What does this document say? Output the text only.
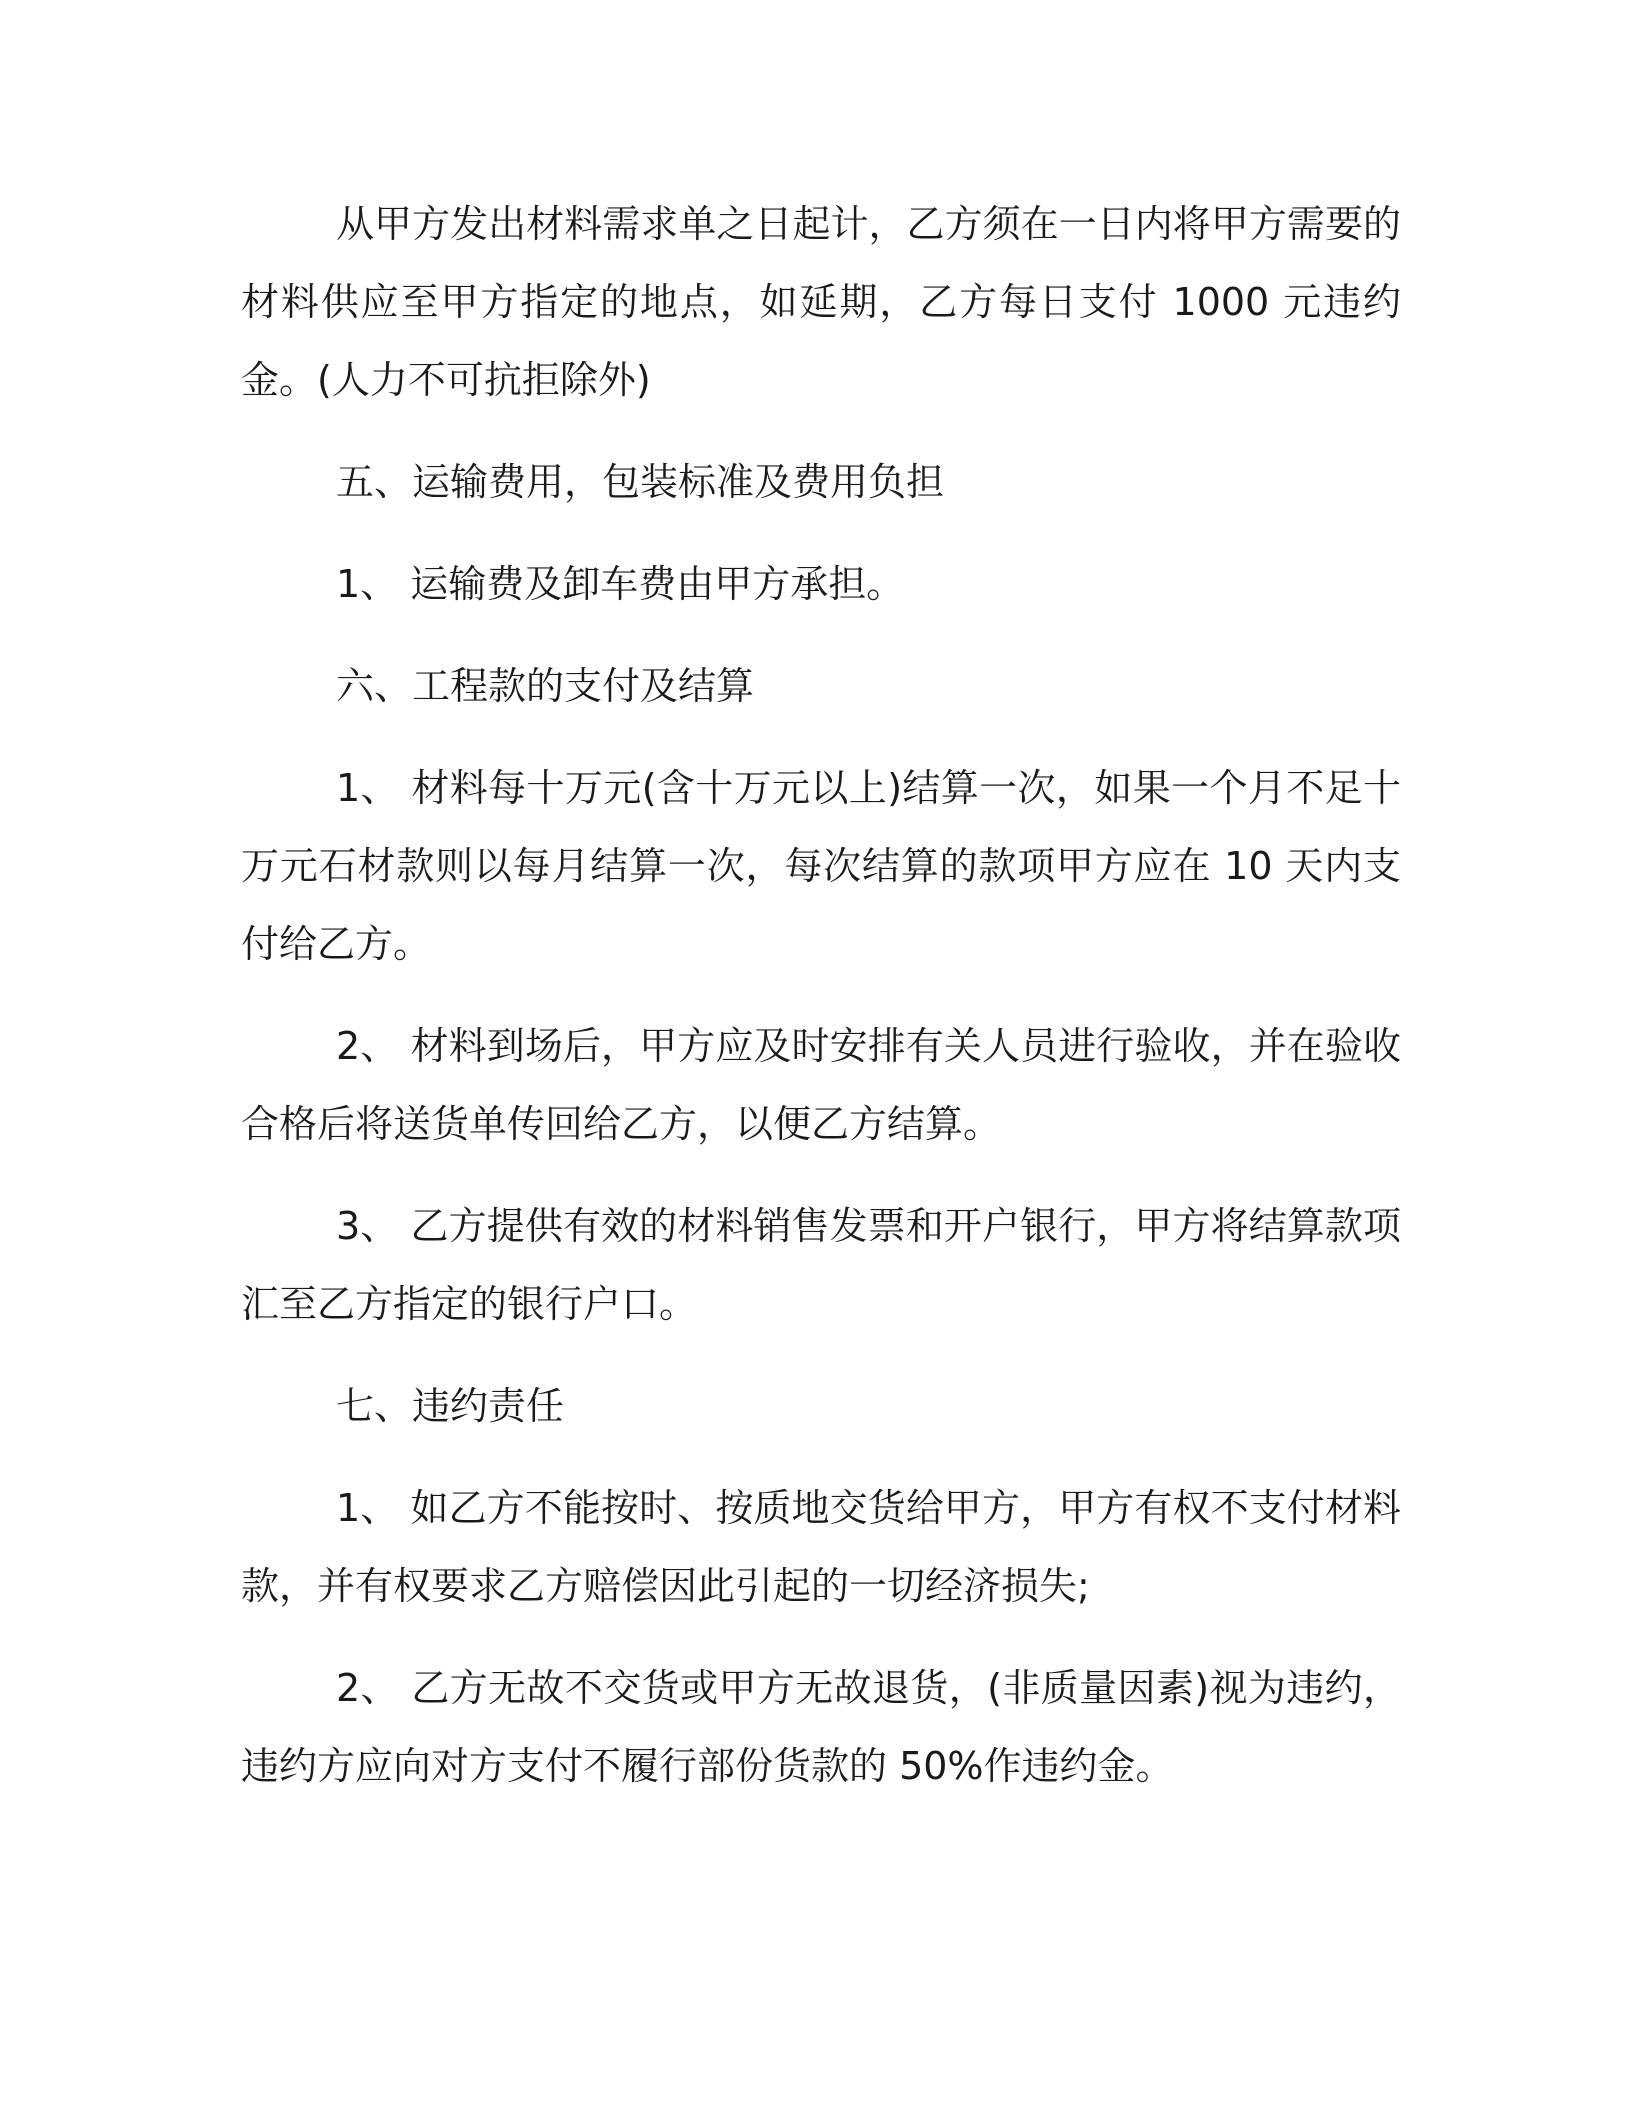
从甲方发出材料需求单之日起计，乙方须在一日内将甲方需要的材料供应至甲方指定的地点，如延期，乙方每日支付 1000 元违约金。(人力不可抗拒除外)

五、运输费用，包装标准及费用负担

1、 运输费及卸车费由甲方承担。

六、工程款的支付及结算

1、 材料每十万元(含十万元以上)结算一次，如果一个月不足十万元石材款则以每月结算一次，每次结算的款项甲方应在 10 天内支付给乙方。

2、 材料到场后，甲方应及时安排有关人员进行验收，并在验收合格后将送货单传回给乙方，以便乙方结算。

3、 乙方提供有效的材料销售发票和开户银行，甲方将结算款项汇至乙方指定的银行户口。

七、违约责任

1、 如乙方不能按时、按质地交货给甲方，甲方有权不支付材料款，并有权要求乙方赔偿因此引起的一切经济损失;

2、 乙方无故不交货或甲方无故退货，(非质量因素)视为违约，违约方应向对方支付不履行部份货款的 50%作违约金。
